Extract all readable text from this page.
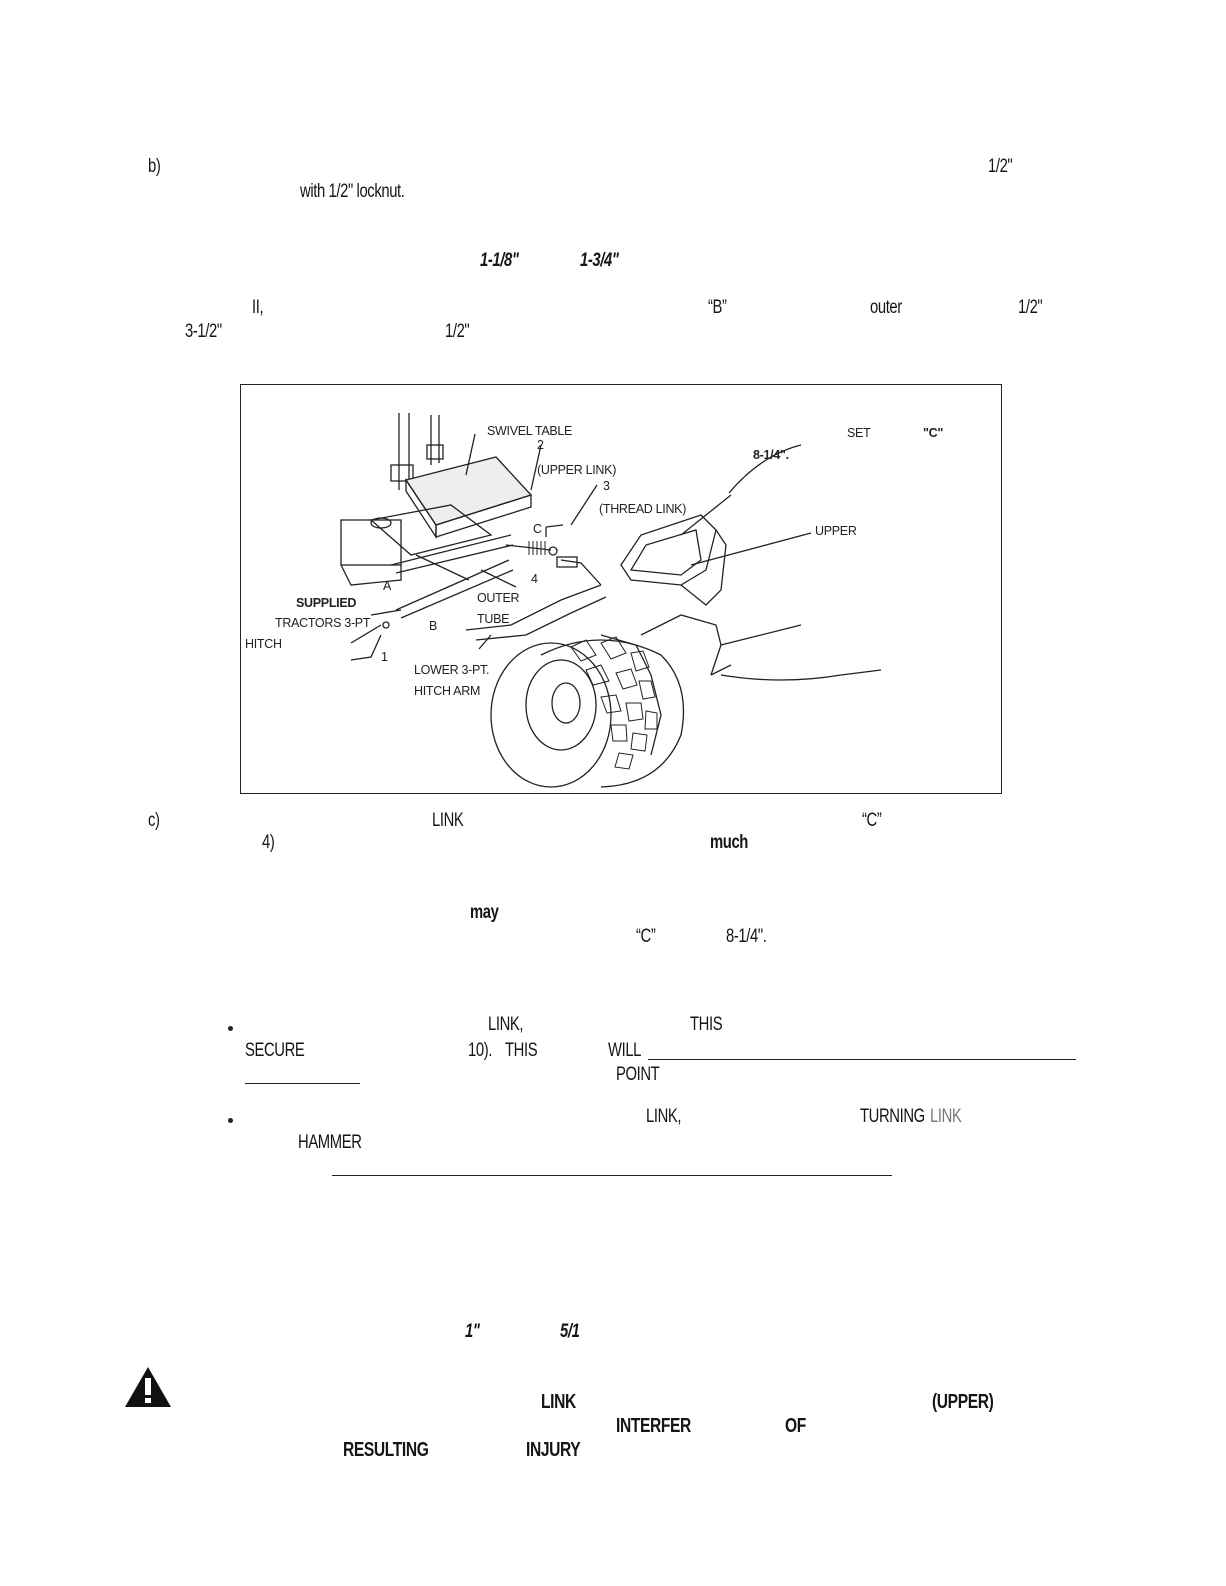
b)	1/2"
with 1/2" locknut.
1-1/8"	1-3/4"
II,	“B”	outer	1/2"
3-1/2"	1/2"
SWIVEL TABLE
2
(UPPER LINK)
3
(THREAD LINK)
C
4
A
B
1
SUPPLIED
TRACTORS 3-PT
HITCH
OUTER
TUBE
LOWER 3-PT.
HITCH ARM
SET	"C"
8-1/4".
UPPER
c)	LINK	“C”
4)	much
may
“C”	8-1/4".
LINK,	THIS
SECURE	10). THIS	WILL
POINT
LINK,	TURNING LINK
HAMMER
1"	5/1
LINK	(UPPER)
INTERFER	OF
RESULTING	INJURY
